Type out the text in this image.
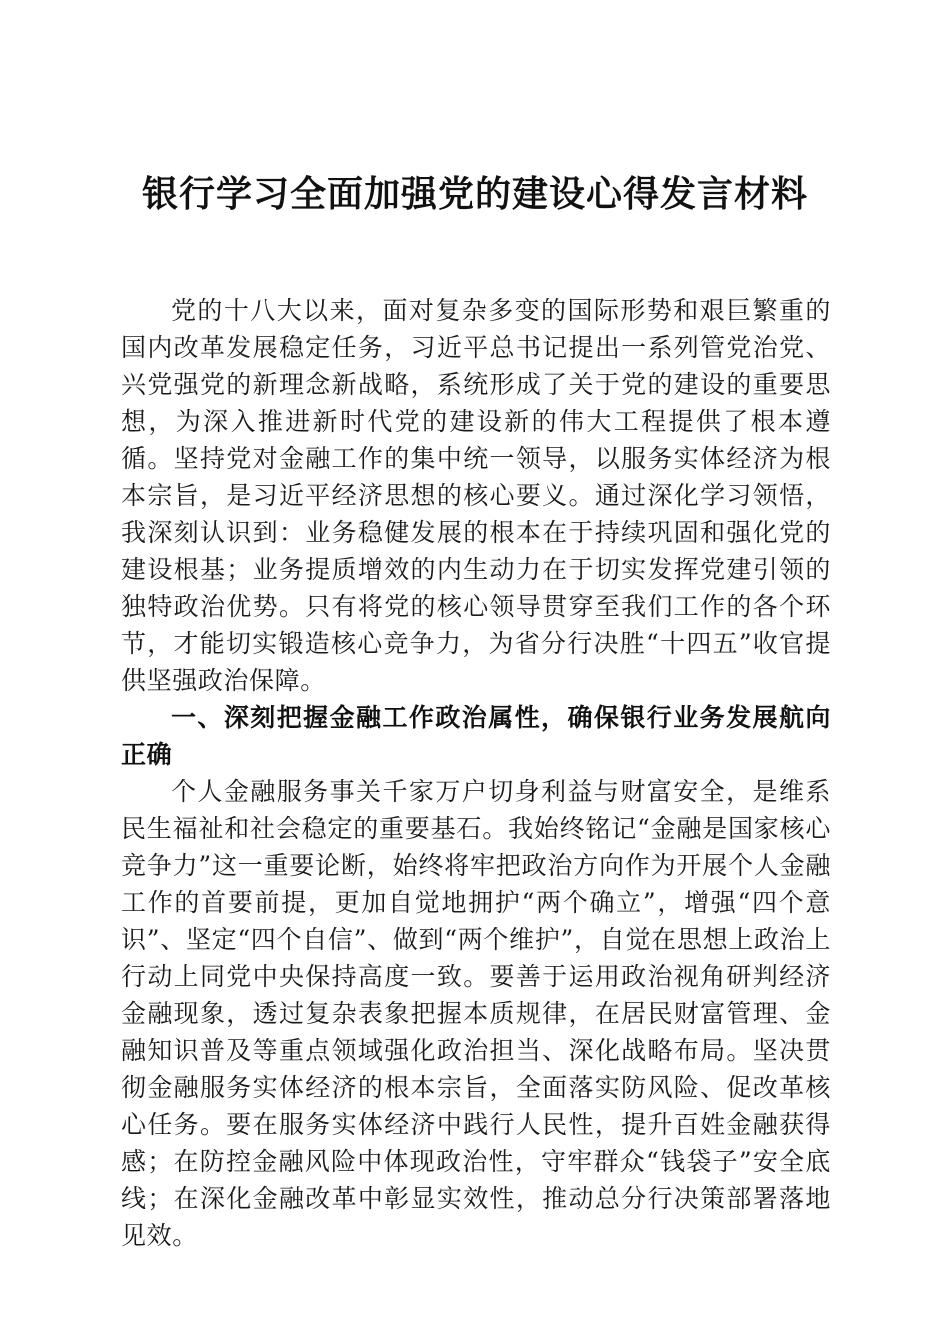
银行学习全面加强党的建设心得发言材料

党的十八大以来，面对复杂多变的国际形势和艰巨繁重的国内改革发展稳定任务，习近平总书记提出一系列管党治党、兴党强党的新理念新战略，系统形成了关于党的建设的重要思想，为深入推进新时代党的建设新的伟大工程提供了根本遵循。坚持党对金融工作的集中统一领导，以服务实体经济为根本宗旨，是习近平经济思想的核心要义。通过深化学习领悟，我深刻认识到：业务稳健发展的根本在于持续巩固和强化党的建设根基；业务提质增效的内生动力在于切实发挥党建引领的独特政治优势。只有将党的核心领导贯穿至我们工作的各个环节，才能切实锻造核心竞争力，为省分行决胜“十四五”收官提供坚强政治保障。

一、深刻把握金融工作政治属性，确保银行业务发展航向正确

个人金融服务事关千家万户切身利益与财富安全，是维系民生福祉和社会稳定的重要基石。我始终铭记“金融是国家核心竞争力”这一重要论断，始终将牢把政治方向作为开展个人金融工作的首要前提，更加自觉地拥护“两个确立”，增强“四个意识”、坚定“四个自信”、做到“两个维护”，自觉在思想上政治上行动上同党中央保持高度一致。要善于运用政治视角研判经济金融现象，透过复杂表象把握本质规律，在居民财富管理、金融知识普及等重点领域强化政治担当、深化战略布局。坚决贯彻金融服务实体经济的根本宗旨，全面落实防风险、促改革核心任务。要在服务实体经济中践行人民性，提升百姓金融获得感；在防控金融风险中体现政治性，守牢群众“钱袋子”安全底线；在深化金融改革中彰显实效性，推动总分行决策部署落地见效。
